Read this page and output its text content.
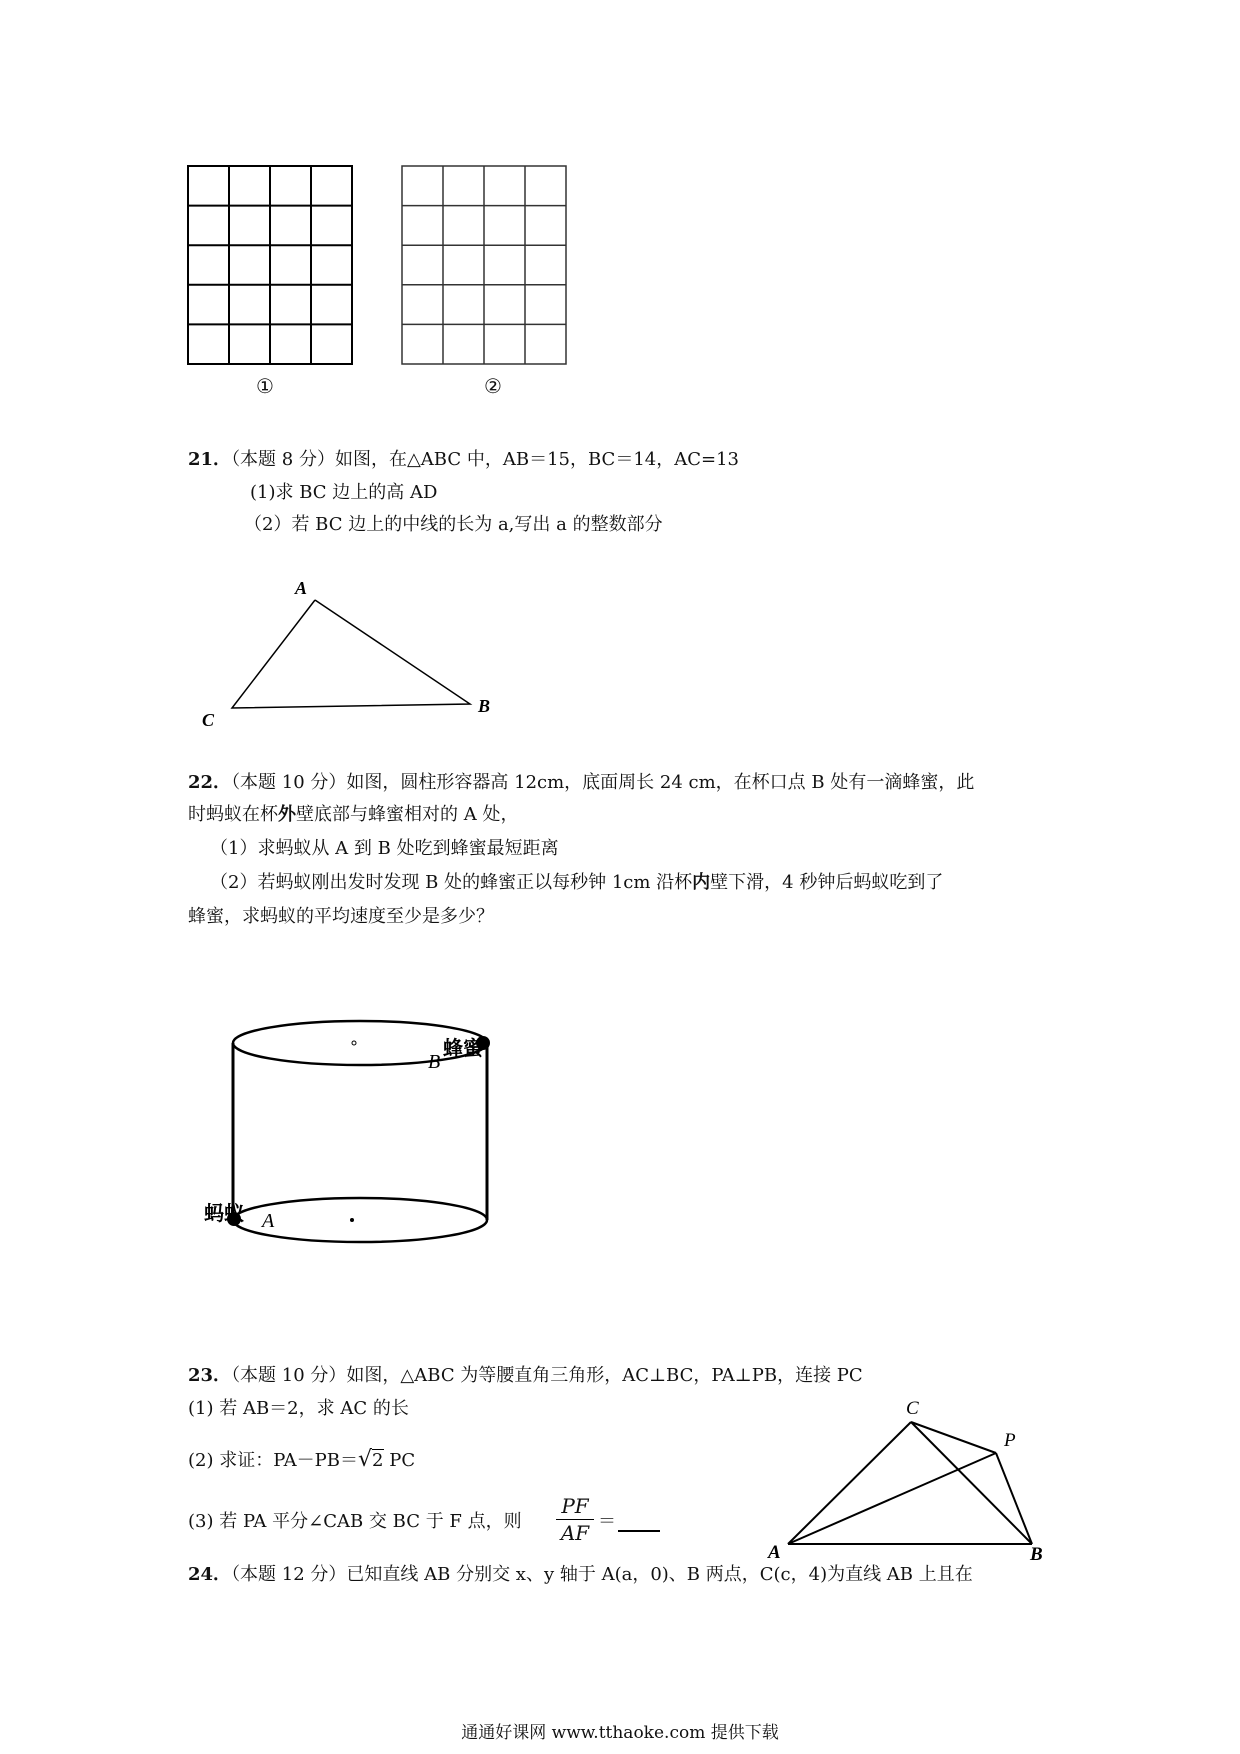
①	②
21．（本题 8 分）如图，在△ABC 中，AB＝15，BC＝14，AC=13
(1)求 BC 边上的高 AD
（2）若 BC 边上的中线的长为 a,写出 a 的整数部分
A
C
B
22．（本题 10 分）如图，圆柱形容器高 12cm，底面周长 24 cm，在杯口点 B 处有一滴蜂蜜，此
时蚂蚁在杯外壁底部与蜂蜜相对的 A 处，
（1）求蚂蚁从 A 到 B 处吃到蜂蜜最短距离
（2）若蚂蚁刚出发时发现 B 处的蜂蜜正以每秒钟 1cm 沿杯内壁下滑，4 秒钟后蚂蚁吃到了
蜂蜜，求蚂蚁的平均速度至少是多少？
B
蜂蜜
蚂蚁 A
23．（本题 10 分）如图，△ABC 为等腰直角三角形，AC⊥BC，PA⊥PB，连接 PC
(1) 若 AB＝2，求 AC 的长
(2) 求证：PA－PB＝√2 PC
(3) 若 PA 平分∠CAB 交 BC 于 F 点，则 $\frac{PF}{AF}$ ＝
C
P
A	B
24．（本题 12 分）已知直线 AB 分别交 x、y 轴于 A(a，0)、B 两点，C(c，4)为直线 AB 上且在
通通好课网 www.tthaoke.com 提供下载
